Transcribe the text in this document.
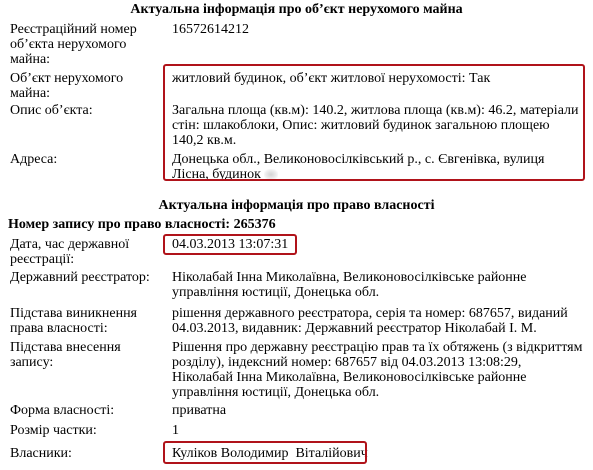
Актуальна інформація про об’єкт нерухомого майна
Реєстраційний номер об’єкта нерухомого майна:
16572614212
Об’єкт нерухомого майна:
житловий будинок, об’єкт житлової нерухомості: Так
Опис об’єкта:	Загальна площа (кв.м): 140.2, житлова площа (кв.м): 46.2, матеріали стін: шлакоблоки, Опис: житловий будинок загальною площею 140,2 кв.м.
Адреса:	Донецька обл., Великоновосілківський р., с. Євгенівка, вулиця Лісна, будинок
Актуальна інформація про право власності
Номер запису про право власності: 265376
Дата, час державної реєстрації:
04.03.2013 13:07:31
Державний реєстратор:	Ніколабай Інна Миколаївна, Великоновосілківське районне управління юстиції, Донецька обл.
Підстава виникнення права власності:
рішення державного реєстратора, серія та номер: 687657, виданий 04.03.2013, видавник: Державний реєстратор Ніколабай І. М.
Підстава внесення запису:
Рішення про державну реєстрацію прав та їх обтяжень (з відкриттям розділу), індексний номер: 687657 від 04.03.2013 13:08:29, Ніколабай Інна Миколаївна, Великоновосілківське районне управління юстиції, Донецька обл.
Форма власності:	приватна
Розмір частки:	1
Власники:	Куліков Володимир  Віталійович
